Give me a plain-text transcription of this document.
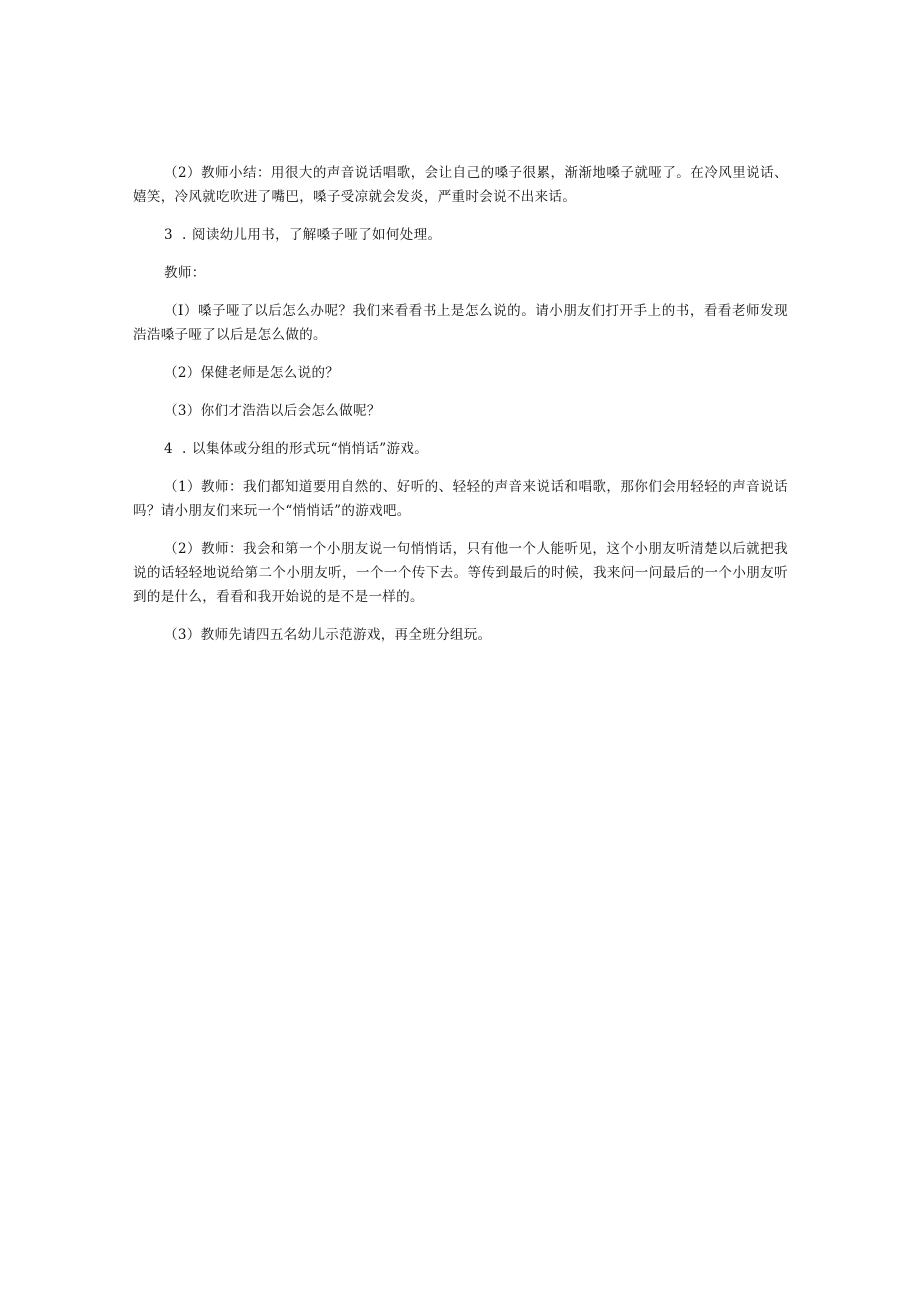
（2）教师小结：用很大的声音说话唱歌，会让自己的嗓子很累，渐渐地嗓子就哑了。在冷风里说话、嬉笑，冷风就吃吹进了嘴巴，嗓子受凉就会发炎，严重时会说不出来话。

3 . 阅读幼儿用书，了解嗓子哑了如何处理。

教师：

（I）嗓子哑了以后怎么办呢？我们来看看书上是怎么说的。请小朋友们打开手上的书，看看老师发现浩浩嗓子哑了以后是怎么做的。

（2）保健老师是怎么说的？

（3）你们才浩浩以后会怎么做呢？

4 . 以集体或分组的形式玩“悄悄话”游戏。

（1）教师：我们都知道要用自然的、好听的、轻轻的声音来说话和唱歌，那你们会用轻轻的声音说话吗？请小朋友们来玩一个“悄悄话”的游戏吧。

（2）教师：我会和第一个小朋友说一句悄悄话，只有他一个人能听见，这个小朋友听清楚以后就把我说的话轻轻地说给第二个小朋友听，一个一个传下去。等传到最后的时候，我来问一问最后的一个小朋友听到的是什么，看看和我开始说的是不是一样的。

（3）教师先请四五名幼儿示范游戏，再全班分组玩。
